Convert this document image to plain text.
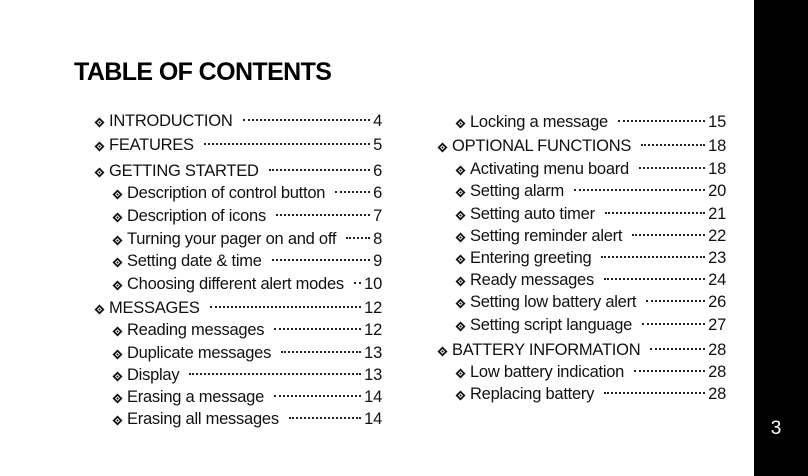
TABLE OF CONTENTS
INTRODUCTION	4
FEATURES	5
GETTING STARTED	6
Description of control button	6
Description of icons	7
Turning your pager on and off 8
Setting date & time	9
Choosing different alert modes 10
MESSAGES	12
Reading messages	12
Duplicate messages	13
Display	13
Erasing a message	14
Erasing all messages	14
Locking a message	15
OPTIONAL FUNCTIONS	18
Activating menu board	18
Setting alarm	20
Setting auto timer	21
Setting reminder alert	22
Entering greeting	23
Ready messages	24
Setting low battery alert	26
Setting script language	27
BATTERY INFORMATION	28
Low battery indication	28
Replacing battery	28
3
